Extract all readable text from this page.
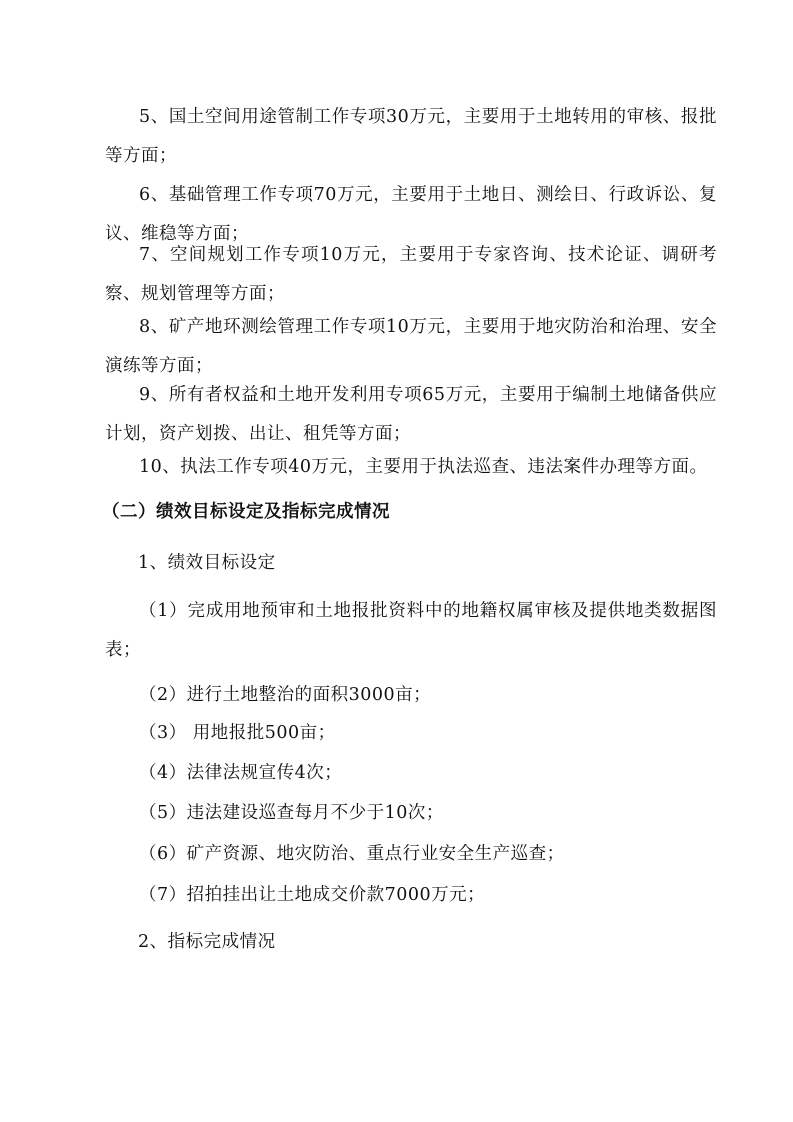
5、国土空间用途管制工作专项30万元，主要用于土地转用的审核、报批等方面；

6、基础管理工作专项70万元，主要用于土地日、测绘日、行政诉讼、复议、维稳等方面；

7、空间规划工作专项10万元，主要用于专家咨询、技术论证、调研考察、规划管理等方面；

8、矿产地环测绘管理工作专项10万元，主要用于地灾防治和治理、安全演练等方面；

9、所有者权益和土地开发利用专项65万元，主要用于编制土地储备供应计划，资产划拨、出让、租凭等方面；

10、执法工作专项40万元，主要用于执法巡查、违法案件办理等方面。

（二）绩效目标设定及指标完成情况

1、绩效目标设定

（1）完成用地预审和土地报批资料中的地籍权属审核及提供地类数据图表；

（2）进行土地整治的面积3000亩；

（3） 用地报批500亩；

（4）法律法规宣传4次；

（5）违法建设巡查每月不少于10次；

（6）矿产资源、地灾防治、重点行业安全生产巡查；

（7）招拍挂出让土地成交价款7000万元；

2、指标完成情况
